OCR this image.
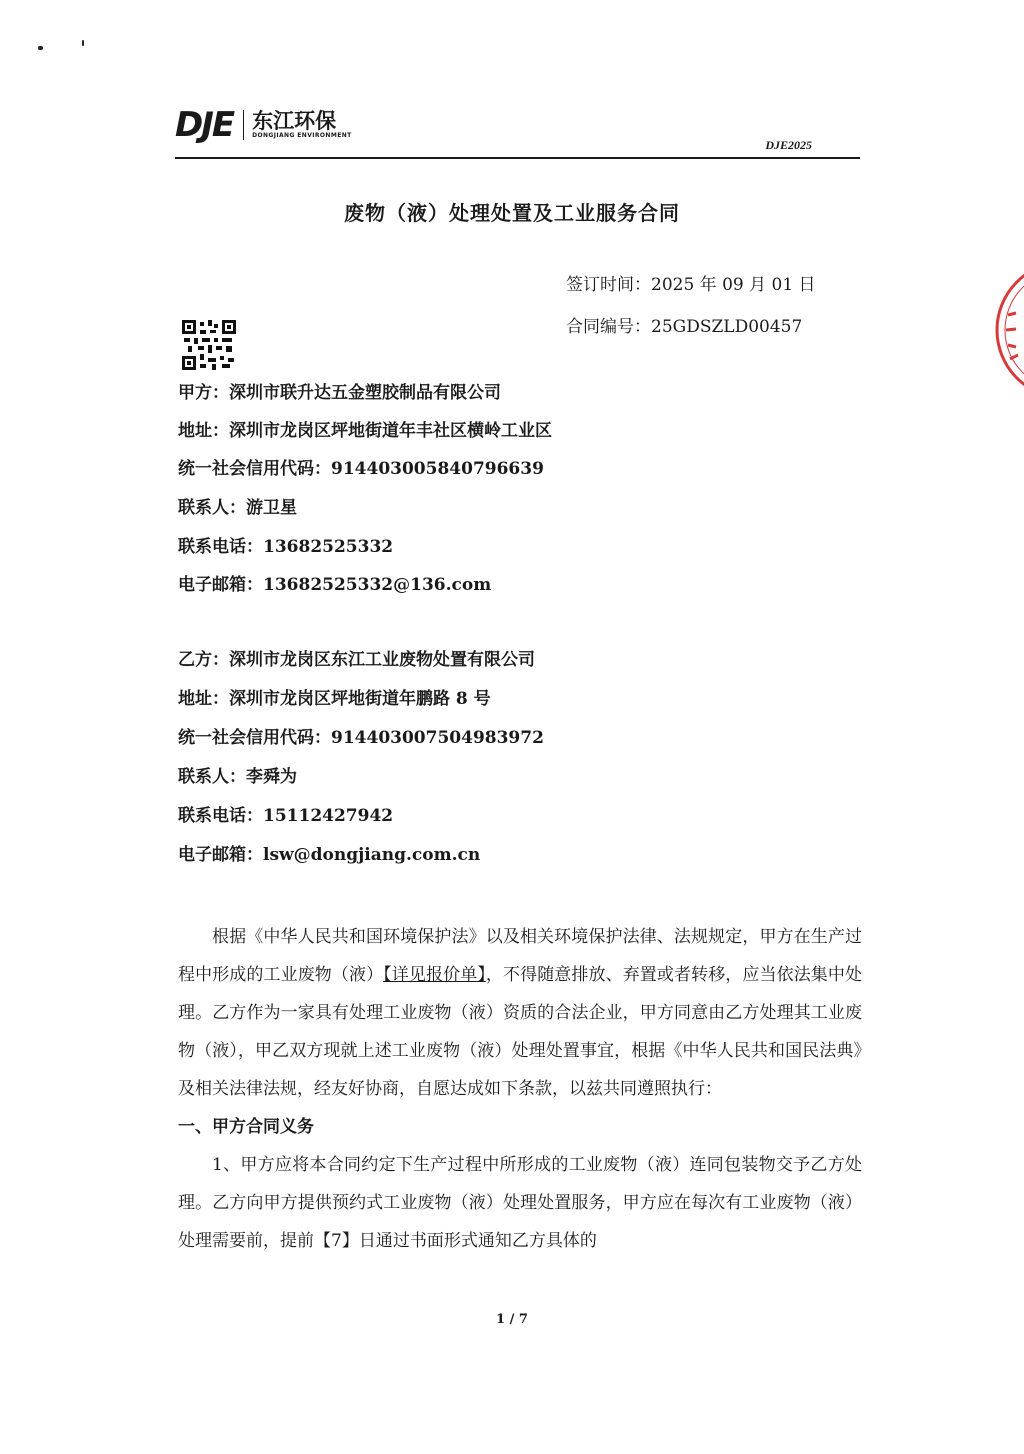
DJE 东江环保
DONGJIANG ENVIRONMENT
DJE2025
废物（液）处理处置及工业服务合同
签订时间：2025 年 09 月 01 日
合同编号：25GDSZLD00457
甲方：深圳市联升达五金塑胶制品有限公司
地址：深圳市龙岗区坪地街道年丰社区横岭工业区
统一社会信用代码：914403005840796639
联系人：游卫星
联系电话：13682525332
电子邮箱：13682525332@136.com
乙方：深圳市龙岗区东江工业废物处置有限公司
地址：深圳市龙岗区坪地街道年鹏路 8 号
统一社会信用代码：914403007504983972
联系人：李舜为
联系电话：15112427942
电子邮箱：lsw@dongjiang.com.cn

根据《中华人民共和国环境保护法》以及相关环境保护法律、法规规定，甲方在生产过程中形成的工业废物（液）【详见报价单】，不得随意排放、弃置或者转移，应当依法集中处理。乙方作为一家具有处理工业废物（液）资质的合法企业，甲方同意由乙方处理其工业废物（液），甲乙双方现就上述工业废物（液）处理处置事宜，根据《中华人民共和国民法典》及相关法律法规，经友好协商，自愿达成如下条款，以兹共同遵照执行：

一、甲方合同义务

1、甲方应将本合同约定下生产过程中所形成的工业废物（液）连同包装物交予乙方处理。乙方向甲方提供预约式工业废物（液）处理处置服务，甲方应在每次有工业废物（液）处理需要前，提前【7】日通过书面形式通知乙方具体的

1 / 7
